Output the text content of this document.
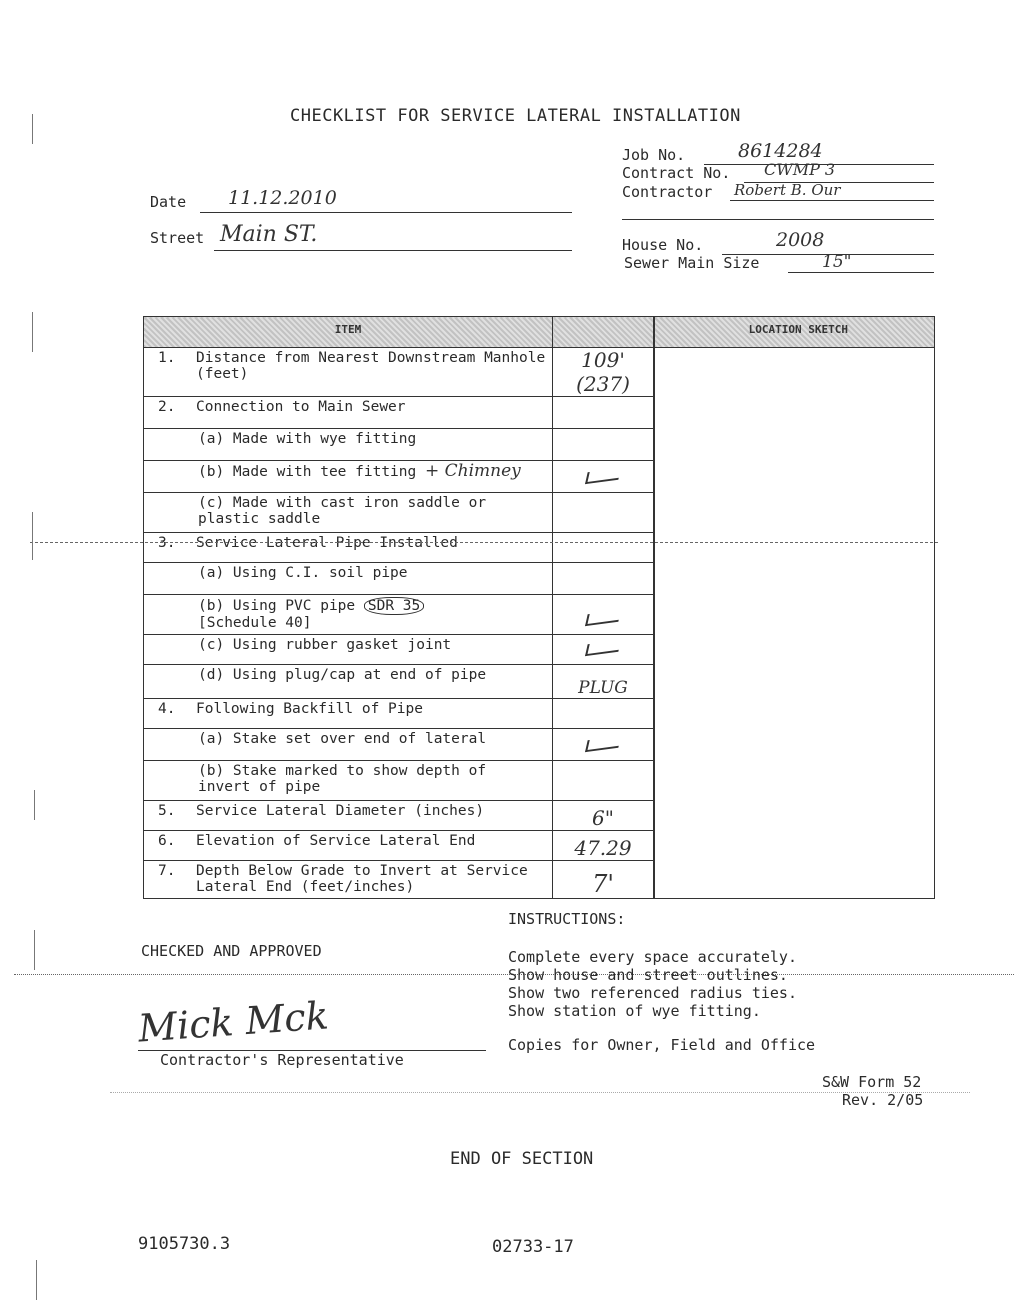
CHECKLIST FOR SERVICE LATERAL INSTALLATION
Job No.	8614284
Contract No. CWMP 3
Contractor Robert B. Our
House No.	2008
Sewer Main Size	15"
Date 11.12.2010
Street Main ST.
ITEM		LOCATION SKETCH

1. Distance from Nearest Downstream Manhole (feet)	109' (237)	

2. Connection to Main Sewer		

(a) Made with wye fitting		

(b) Made with tee fitting + Chimney		

(c) Made with cast iron saddle or plastic saddle		

3. Service Lateral Pipe Installed		

(a) Using C.I. soil pipe		

(b) Using PVC pipe SDR 35
[Schedule 40]		

(c) Using rubber gasket joint		

(d) Using plug/cap at end of pipe	PLUG	

4. Following Backfill of Pipe		

(a) Stake set over end of lateral		

(b) Stake marked to show depth of invert of pipe		

5. Service Lateral Diameter (inches)	6"	

6. Elevation of Service Lateral End	47.29	

7. Depth Below Grade to Invert at Service Lateral End (feet/inches)	7'	
INSTRUCTIONS:
Complete every space accurately.
Show house and street outlines.
Show two referenced radius ties.
Show station of wye fitting.
Copies for Owner, Field and Office
CHECKED AND APPROVED
Mick Mck
Contractor's Representative
S&W Form 52
Rev. 2/05
END OF SECTION
9105730.3	02733-17
